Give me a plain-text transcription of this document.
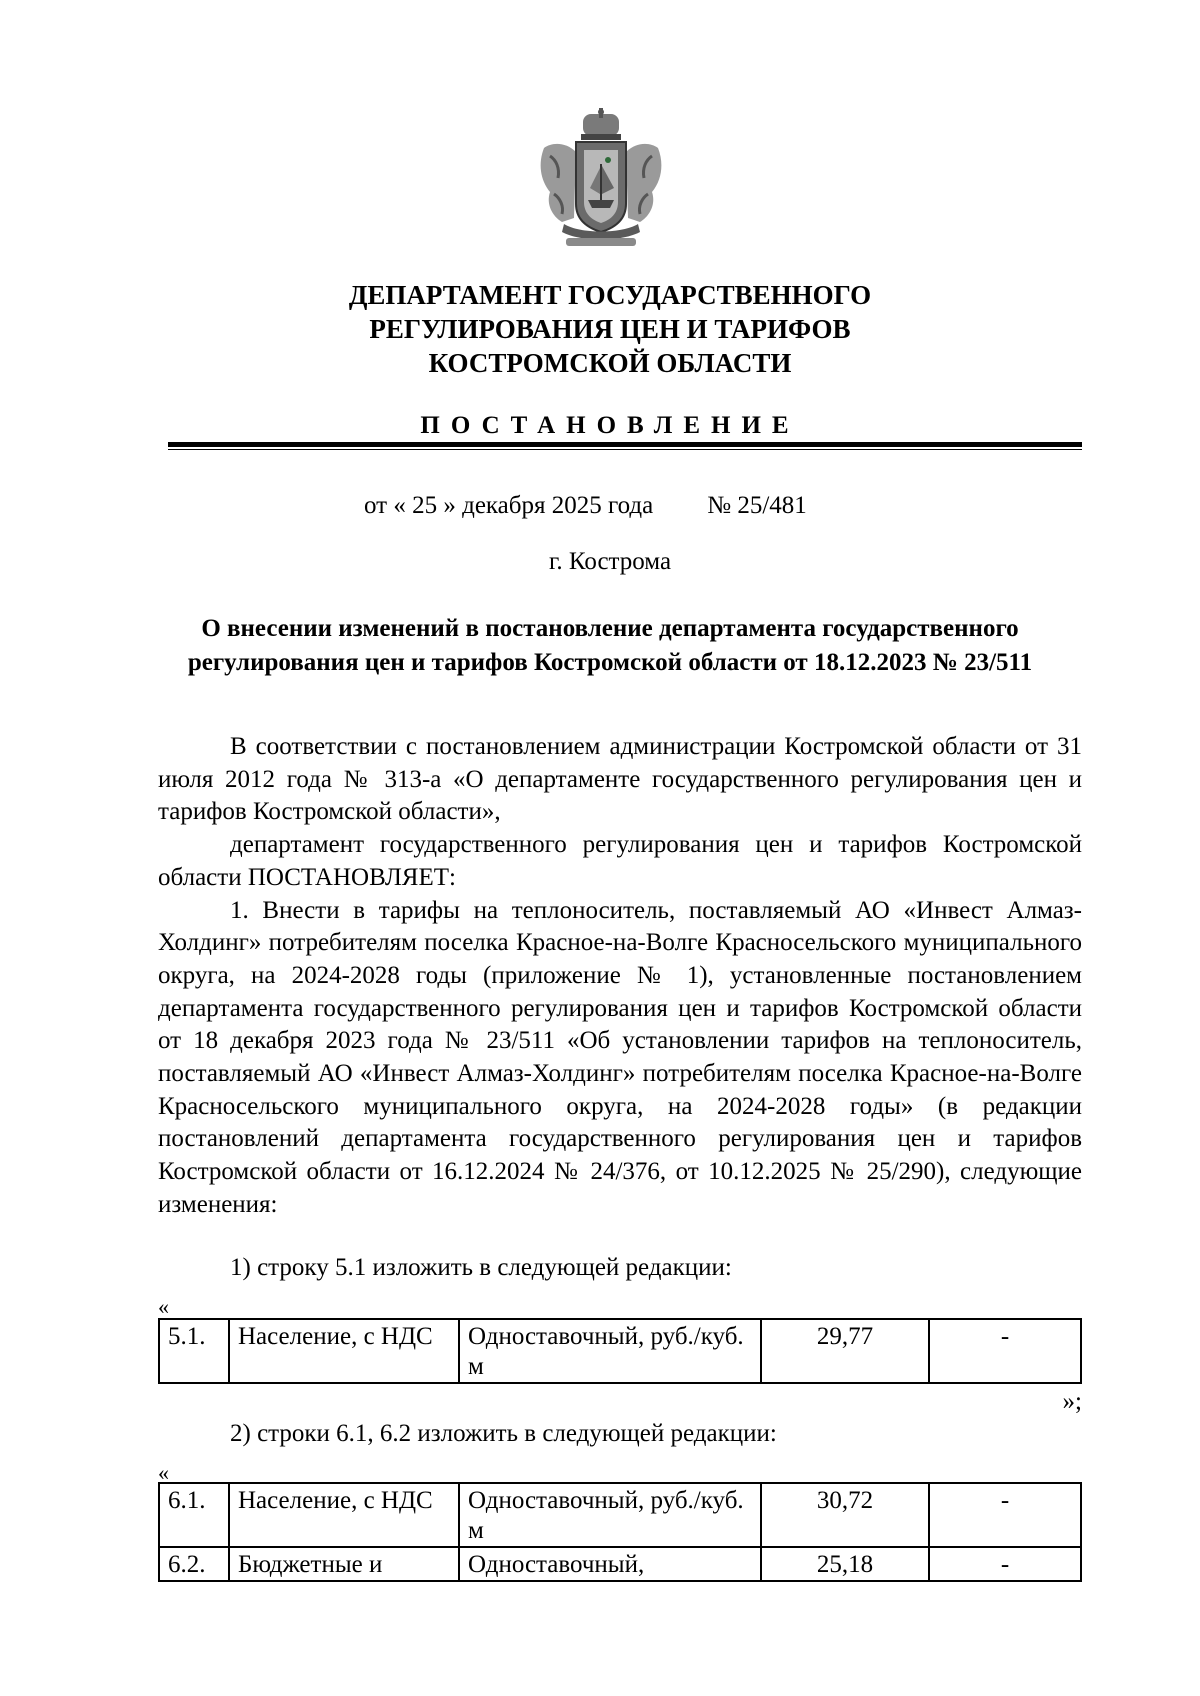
ДЕПАРТАМЕНТ ГОСУДАРСТВЕННОГО
РЕГУЛИРОВАНИЯ ЦЕН И ТАРИФОВ
КОСТРОМСКОЙ ОБЛАСТИ
ПОСТАНОВЛЕНИЕ
от « 25 » декабря 2025 года № 25/481
г. Кострома
О внесении изменений в постановление департамента государственного
регулирования цен и тарифов Костромской области от 18.12.2023 № 23/511

В соответствии с постановлением администрации Костромской области от 31 июля 2012 года № 313-а «О департаменте государственного регулирования цен и тарифов Костромской области»,

департамент государственного регулирования цен и тарифов Костромской области ПОСТАНОВЛЯЕТ:

1. Внести в тарифы на теплоноситель, поставляемый АО «Инвест Алмаз-Холдинг» потребителям поселка Красное-на-Волге Красносельского муниципального округа, на 2024-2028 годы (приложение № 1), установленные постановлением департамента государственного регулирования цен и тарифов Костромской области от 18 декабря 2023 года № 23/511 «Об установлении тарифов на теплоноситель, поставляемый АО «Инвест Алмаз-Холдинг» потребителям поселка Красное-на-Волге Красносельского муниципального округа, на 2024-2028 годы» (в редакции постановлений департамента государственного регулирования цен и тарифов Костромской области от 16.12.2024 № 24/376, от 10.12.2025 № 25/290), следующие изменения:

1) строку 5.1 изложить в следующей редакции:
«
5.1.	Население, с НДС	Одноставочный, руб./куб. м	29,77	-
»;
2) строки 6.1, 6.2 изложить в следующей редакции:
«
6.1.	Население, с НДС	Одноставочный, руб./куб. м	30,72	-
6.2.	Бюджетные и	Одноставочный,	25,18	-
